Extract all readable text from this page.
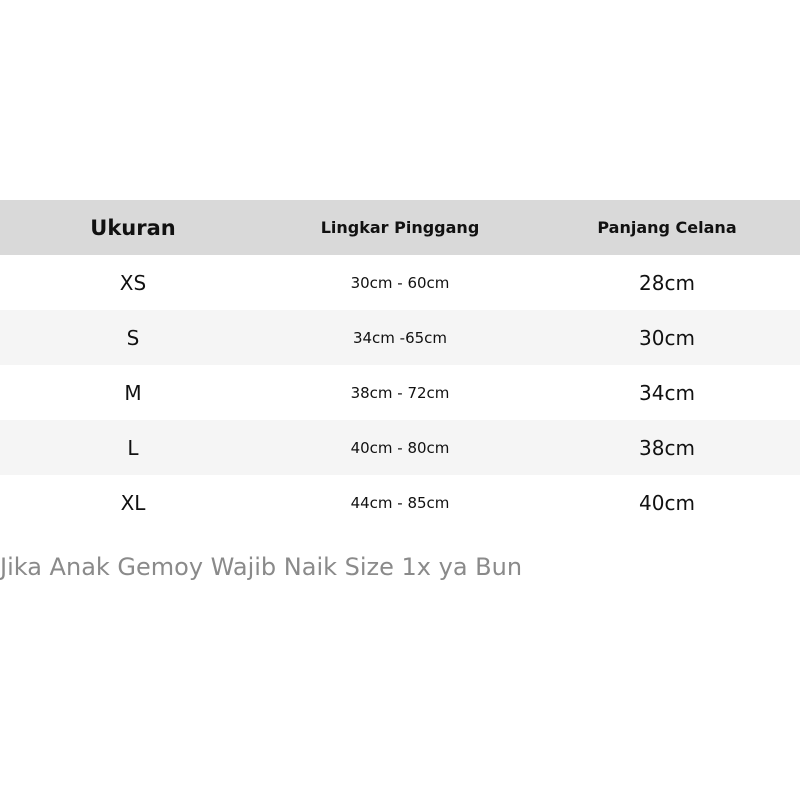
Ukuran	Lingkar Pinggang	Panjang Celana
XS	30cm - 60cm	28cm
S	34cm -65cm	30cm
M	38cm - 72cm	34cm
L	40cm - 80cm	38cm
XL	44cm - 85cm	40cm
Jika Anak Gemoy Wajib Naik Size 1x ya Bun
